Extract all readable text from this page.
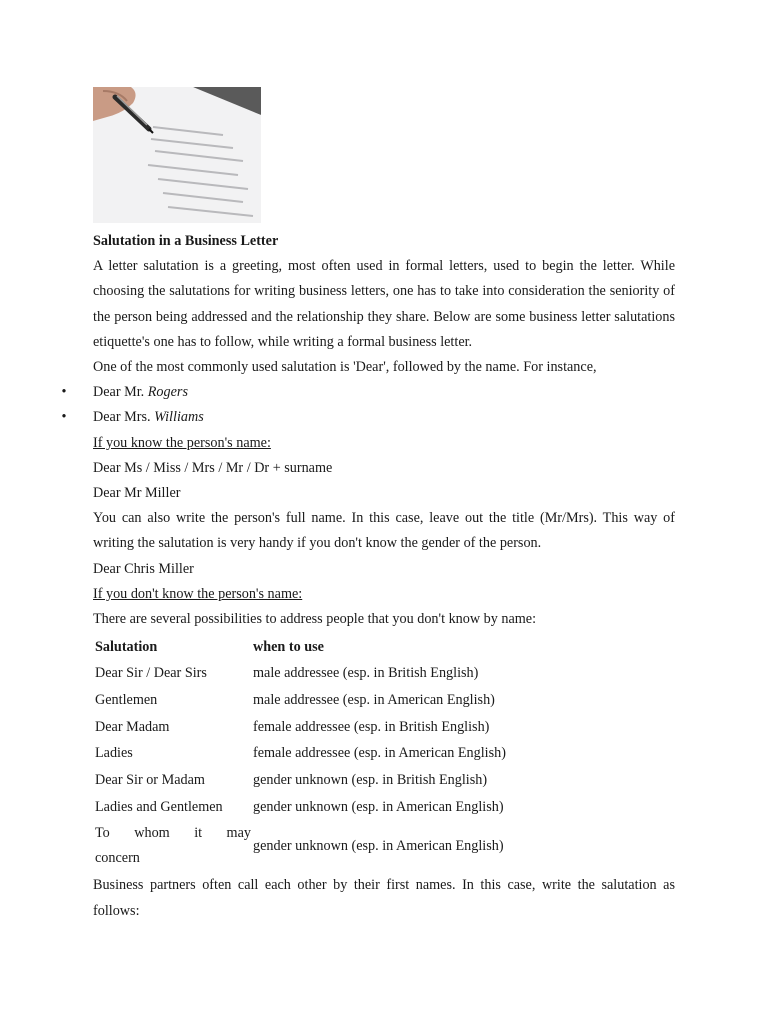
Salutation in a Business Letter

A letter salutation is a greeting, most often used in formal letters, used to begin the letter. While choosing the salutations for writing business letters, one has to take into consideration the seniority of the person being addressed and the relationship they share. Below are some business letter salutations etiquette's one has to follow, while writing a formal business letter.

One of the most commonly used salutation is 'Dear', followed by the name. For instance,

• Dear Mr. Rogers

• Dear Mrs. Williams

If you know the person's name:

Dear Ms / Miss / Mrs / Mr / Dr + surname

Dear Mr Miller

You can also write the person's full name. In this case, leave out the title (Mr/Mrs). This way of writing the salutation is very handy if you don't know the gender of the person.

Dear Chris Miller

If you don't know the person's name:

There are several possibilities to address people that you don't know by name:

Salutation	when to use
Dear Sir / Dear Sirs	male addressee (esp. in British English)
Gentlemen	male addressee (esp. in American English)
Dear Madam	female addressee (esp. in British English)
Ladies	female addressee (esp. in American English)
Dear Sir or Madam	gender unknown (esp. in British English)
Ladies and Gentlemen	gender unknown (esp. in American English)

To whom it may
concern	gender unknown (esp. in American English)

Business partners often call each other by their first names. In this case, write the salutation as follows:
